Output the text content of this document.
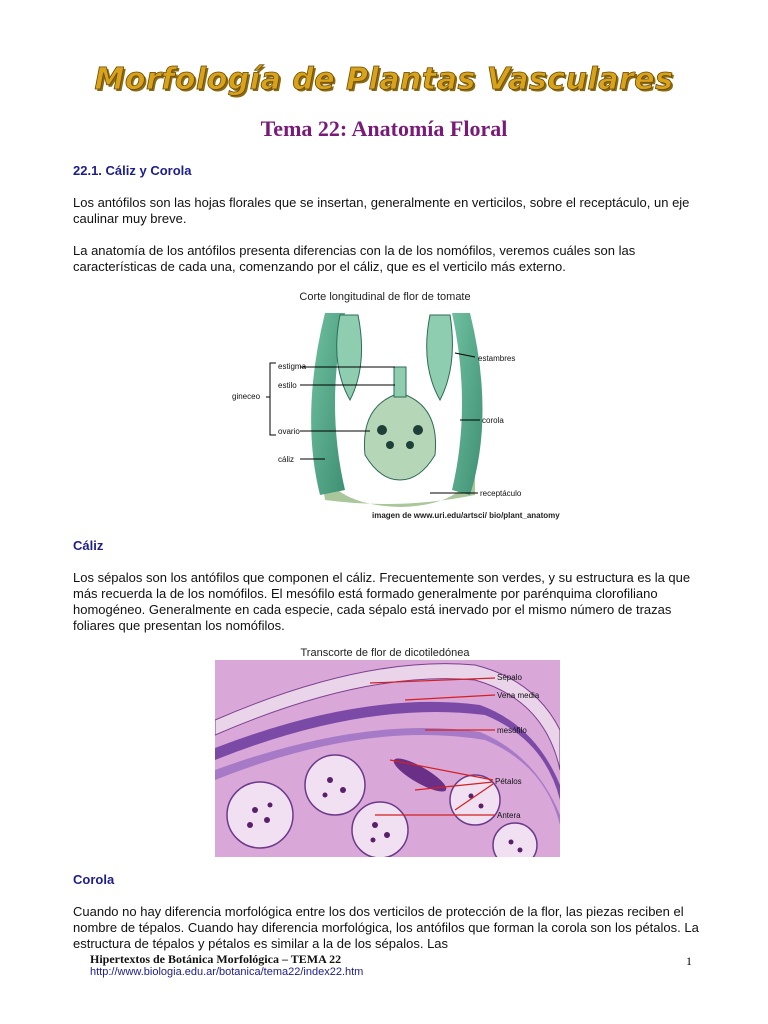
Morfología de Plantas Vasculares
Tema 22: Anatomía Floral
22.1. Cáliz y Corola
Los antófilos son las hojas florales que se insertan, generalmente en verticilos, sobre el receptáculo, un eje caulinar muy breve.
La anatomía de los antófilos presenta diferencias con la de los nomófilos, veremos cuáles son las características de cada una, comenzando por el cáliz, que es el verticilo más externo.
Corte longitudinal de flor de tomate
estambres
estigma
estilo
gineceo
ovario
cáliz
corola
receptáculo
imagen de www.uri.edu/artsci/ bio/plant_anatomy
Cáliz
Los sépalos son los antófilos que componen el cáliz. Frecuentemente son verdes, y su estructura es la que más recuerda la de los nomófilos. El mesófilo está formado generalmente por parénquima clorofiliano homogéneo. Generalmente en cada especie, cada sépalo está inervado por el mismo número de trazas foliares que presentan los nomófilos.
Transcorte de flor de dicotiledónea
Sépalo
Vena media
mesófilo
Pétalos
Antera
Corola
Cuando no hay diferencia morfológica entre los dos verticilos de protección de la flor, las piezas reciben el nombre de tépalos. Cuando hay diferencia morfológica, los antófilos que forman la corola son los pétalos. La estructura de tépalos y pétalos es similar a la de los sépalos. Las
Hipertextos de Botánica Morfológica – TEMA 22
http://www.biologia.edu.ar/botanica/tema22/index22.htm
1
